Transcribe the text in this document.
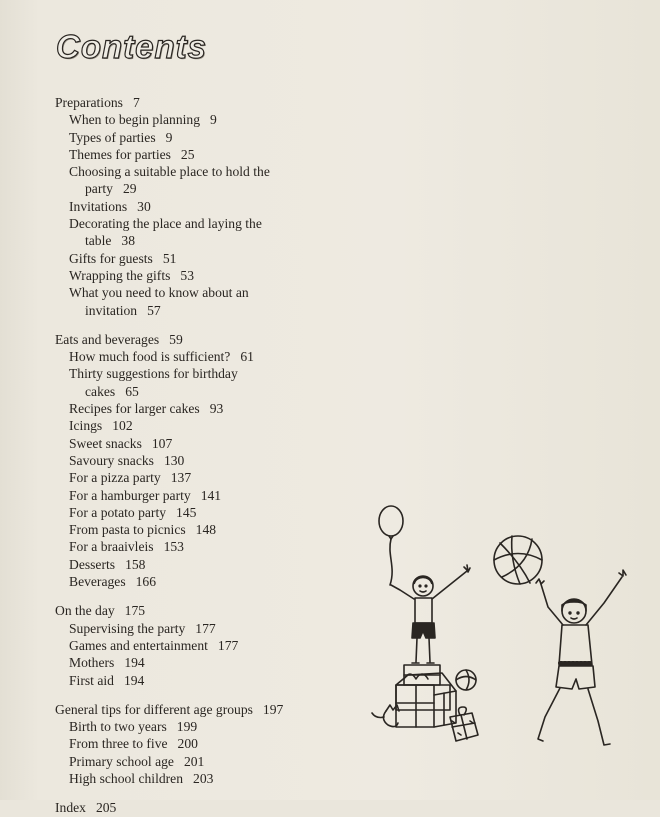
Contents
Preparations 7
When to begin planning 9
Types of parties 9
Themes for parties 25
Choosing a suitable place to hold the
party 29
Invitations 30
Decorating the place and laying the
table 38
Gifts for guests 51
Wrapping the gifts 53
What you need to know about an
invitation 57
Eats and beverages 59
How much food is sufficient? 61
Thirty suggestions for birthday
cakes 65
Recipes for larger cakes 93
Icings 102
Sweet snacks 107
Savoury snacks 130
For a pizza party 137
For a hamburger party 141
For a potato party 145
From pasta to picnics 148
For a braaivleis 153
Desserts 158
Beverages 166
On the day 175
Supervising the party 177
Games and entertainment 177
Mothers 194
First aid 194
General tips for different age groups 197
Birth to two years 199
From three to five 200
Primary school age 201
High school children 203
Index 205
